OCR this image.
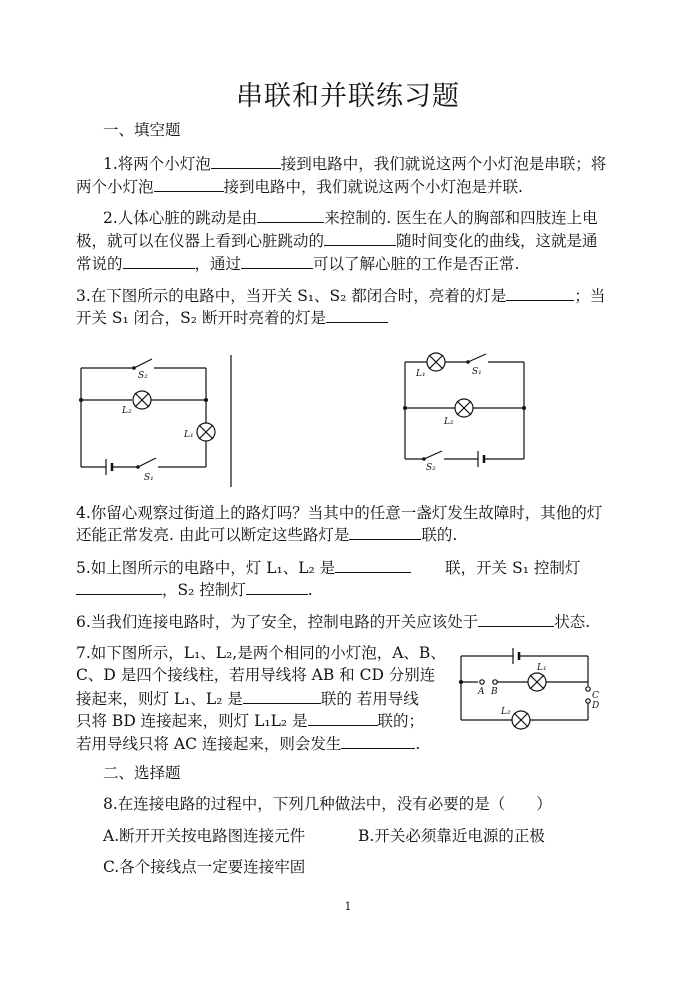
串联和并联练习题
一、填空题
1.将两个小灯泡	接到电路中，我们就说这两个小灯泡是串联；将
两个小灯泡	接到电路中，我们就说这两个小灯泡是并联.
2.人体心脏的跳动是由	来控制的. 医生在人的胸部和四肢连上电
极，就可以在仪器上看到心脏跳动的	随时间变化的曲线，这就是通
常说的	，通过	可以了解心脏的工作是否正常.
3.在下图所示的电路中，当开关 S₁、S₂ 都闭合时，亮着的灯是	；当
开关 S₁ 闭合，S₂ 断开时亮着的灯是
S₂
L₂
L₁
S₁
L₁	S₁
L₂
S₂
4.你留心观察过街道上的路灯吗？当其中的任意一盏灯发生故障时，其他的灯
还能正常发亮. 由此可以断定这些路灯是	联的.
5.如上图所示的电路中，灯 L₁、L₂ 是	联，开关 S₁ 控制灯
，S₂ 控制灯	.
6.当我们连接电路时，为了安全，控制电路的开关应该处于	状态.
7.如下图所示，L₁、L₂,是两个相同的小灯泡，A、B、
C、D 是四个接线柱，若用导线将 AB 和 CD 分别连
接起来，则灯 L₁、L₂ 是	联的 若用导线
只将 BD 连接起来，则灯 L₁L₂ 是	联的；
若用导线只将 AC 连接起来，则会发生	.
A B	C
D
L₁
L₂
二、选择题
8.在连接电路的过程中，下列几种做法中，没有必要的是（　　）
A.断开开关按电路图连接元件	B.开关必须靠近电源的正极
C.各个接线点一定要连接牢固
1
